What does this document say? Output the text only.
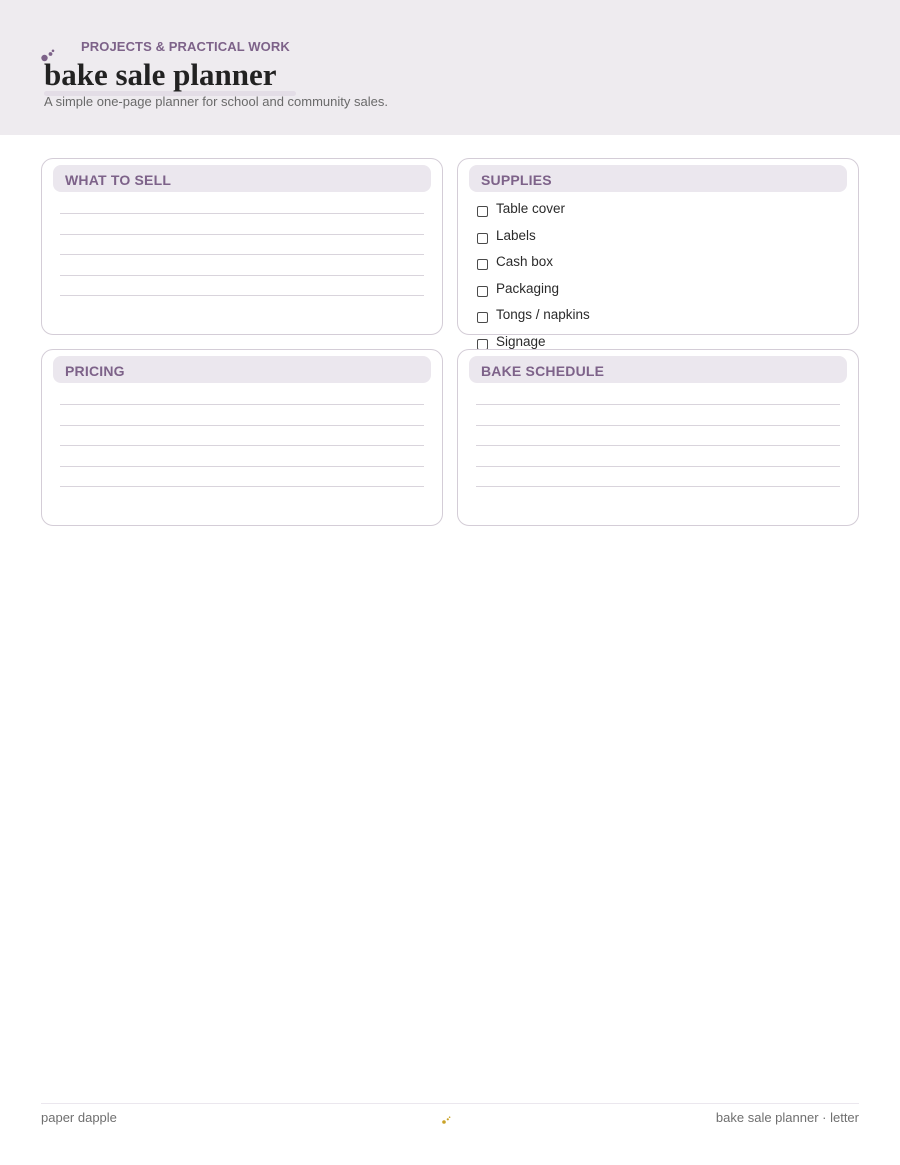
PROJECTS & PRACTICAL WORK
bake sale planner
A simple one-page planner for school and community sales.
WHAT TO SELL	SUPPLIES
Table cover
Labels
Cash box
Packaging
Tongs / napkins
Signage
PRICING	BAKE SCHEDULE
paper dapple	bake sale planner · letter
